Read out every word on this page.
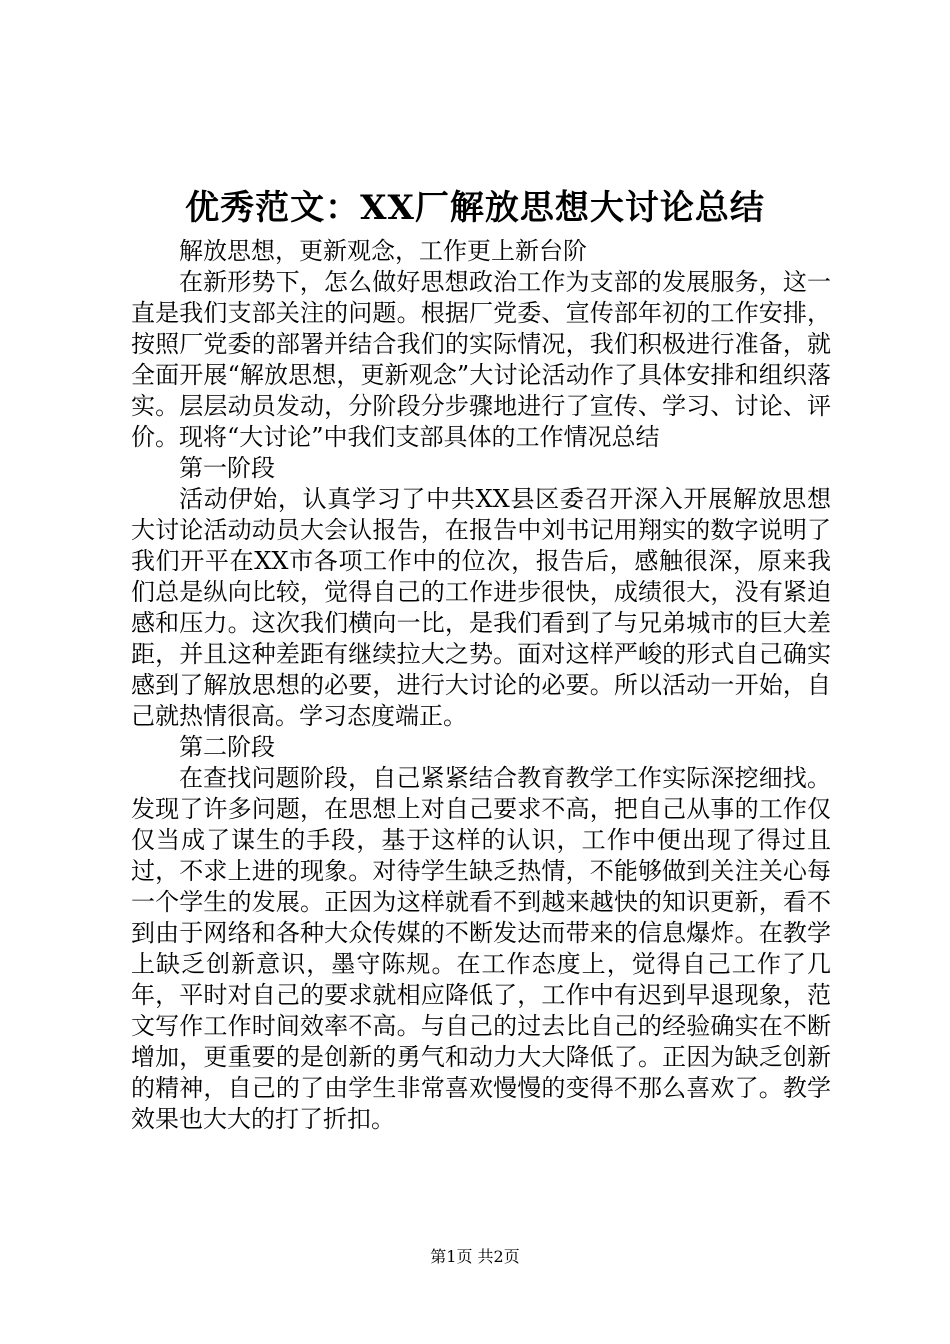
优秀范文：XX厂解放思想大讨论总结

解放思想，更新观念，工作更上新台阶

在新形势下，怎么做好思想政治工作为支部的发展服务，这一直是我们支部关注的问题。根据厂党委、宣传部年初的工作安排，按照厂党委的部署并结合我们的实际情况，我们积极进行准备，就全面开展“解放思想，更新观念”大讨论活动作了具体安排和组织落实。层层动员发动，分阶段分步骤地进行了宣传、学习、讨论、评价。现将“大讨论”中我们支部具体的工作情况总结

第一阶段

活动伊始，认真学习了中共XX县区委召开深入开展解放思想大讨论活动动员大会认报告，在报告中刘书记用翔实的数字说明了我们开平在XX市各项工作中的位次，报告后，感触很深，原来我们总是纵向比较，觉得自己的工作进步很快，成绩很大，没有紧迫感和压力。这次我们横向一比，是我们看到了与兄弟城市的巨大差距，并且这种差距有继续拉大之势。面对这样严峻的形式自己确实感到了解放思想的必要，进行大讨论的必要。所以活动一开始，自己就热情很高。学习态度端正。

第二阶段

在查找问题阶段，自己紧紧结合教育教学工作实际深挖细找。发现了许多问题，在思想上对自己要求不高，把自己从事的工作仅仅当成了谋生的手段，基于这样的认识，工作中便出现了得过且过，不求上进的现象。对待学生缺乏热情，不能够做到关注关心每一个学生的发展。正因为这样就看不到越来越快的知识更新，看不到由于网络和各种大众传媒的不断发达而带来的信息爆炸。在教学上缺乏创新意识，墨守陈规。在工作态度上，觉得自己工作了几年，平时对自己的要求就相应降低了，工作中有迟到早退现象，范文写作工作时间效率不高。与自己的过去比自己的经验确实在不断增加，更重要的是创新的勇气和动力大大降低了。正因为缺乏创新的精神，自己的了由学生非常喜欢慢慢的变得不那么喜欢了。教学效果也大大的打了折扣。

第1页 共2页
